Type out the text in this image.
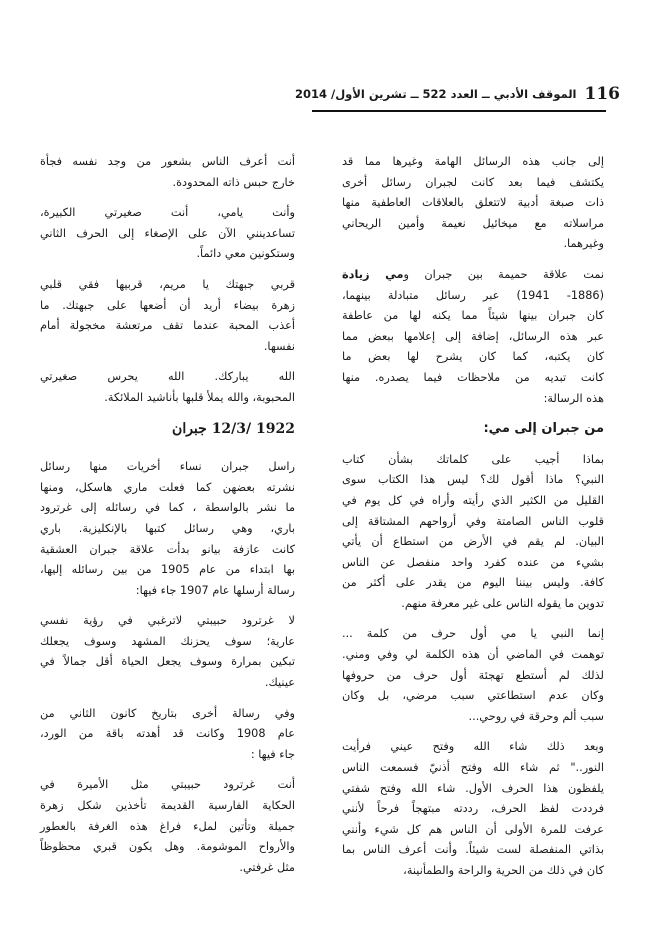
116
الموقف الأدبي ــ العدد 522 ــ تشرين الأول/ 2014
إلى جانب هذه الرسائل الهامة وغيرها مما قد
يكتشف فيما بعد كانت لجبران رسائل أخرى
ذات صبغة أدبية لاتتعلق بالعلاقات العاطفية منها
مراسلاته مع ميخائيل نعيمة وأمين الريحاني
وغيرهما.
نمت علاقة حميمة بين جبران ومي زيادة
(1886- 1941) عبر رسائل متبادلة بينهما،
كان جبران بينها شيئاً مما يكنه لها من عاطفة
عبر هذه الرسائل، إضافة إلى إعلامها ببعض مما
كان يكتبه، كما كان يشرح لها بعض ما
كانت تبديه من ملاحظات فيما يصدره. منها
هذه الرسالة:
من جبران إلى مي:
بماذا أجيب على كلماتك بشأن كتاب
النبي؟ ماذا أقول لك؟ ليس هذا الكتاب سوى
القليل من الكثير الذي رأيته وأراه في كل يوم في
قلوب الناس الصامتة وفي أرواحهم المشتاقة إلى
البيان. لم يقم في الأرض من استطاع أن يأتي
بشيء من عنده كفرد واحد منفصل عن الناس
كافة. وليس بيننا اليوم من يقدر على أكثر من
تدوين ما يقوله الناس على غير معرفة منهم.
إنما النبي يا مي أول حرف من كلمة ...
توهمت في الماضي أن هذه الكلمة لي وفي ومني.
لذلك لم أستطع تهجئة أول حرف من حروفها
وكان عدم استطاعتي سبب مرضي، بل وكان
سبب ألم وحرقة في روحي...
وبعد ذلك شاء الله وفتح عيني فرأيت
النور.." ثم شاء الله وفتح أذنيّ فسمعت الناس
يلفظون هذا الحرف الأول. شاء الله وفتح شفتي
فرددت لفظ الحرف، رددته مبتهجاً فرحاً لأنني
عرفت للمرة الأولى أن الناس هم كل شيء وأنني
بذاتي المنفصلة لست شيئاً. وأنت أعرف الناس بما
كان في ذلك من الحرية والراحة والطمأنينة،
أنت أعرف الناس بشعور من وجد نفسه فجأة
خارج حبس ذاته المحدودة.
وأنت يامي، أنت صغيرتي الكبيرة،
تساعدينني الآن على الإصغاء إلى الحرف الثاني
وستكونين معي دائماً.
قربي جبهتك يا مريم، قربيها فقي قلبي
زهرة بيضاء أريد أن أضعها على جبهتك. ما
أعذب المحبة عندما تقف مرتعشة مخجولة أمام
نفسها.
الله يباركك. الله يحرس صغيرتي
المحبوبة، والله يملأ قلبها بأناشيد الملائكة.
1922 /12/3 جبران
راسل جبران نساء أخريات منها رسائل
نشرته بعضهن كما فعلت ماري هاسكل، ومنها
ما نشر بالواسطة ، كما في رسائله إلى غرترود
باري، وهي رسائل كتبها بالإنكليزية. باري
كانت عازفة بيانو بدأت علاقة جبران العشقية
بها ابتداء من عام 1905 من بين رسائله إليها،
رسالة أرسلها عام 1907 جاء فيها:
لا غرترود حبيبتي لاترغبي في رؤية نفسي
عارية؛ سوف يحزنك المشهد وسوف يجعلك
تبكين بمرارة وسوف يجعل الحياة أقل جمالاً في
عينيك.
وفي رسالة أخرى بتاريخ كانون الثاني من
عام 1908 وكانت قد أهدته باقة من الورد،
جاء فيها :
أنت غرترود حبيبتي مثل الأميرة في
الحكاية الفارسية القديمة تأخذين شكل زهرة
جميلة وتأتين لملء فراغ هذه الغرفة بالعطور
والأرواح الموشومة. وهل يكون قبري محظوظاً
مثل غرفتي.
